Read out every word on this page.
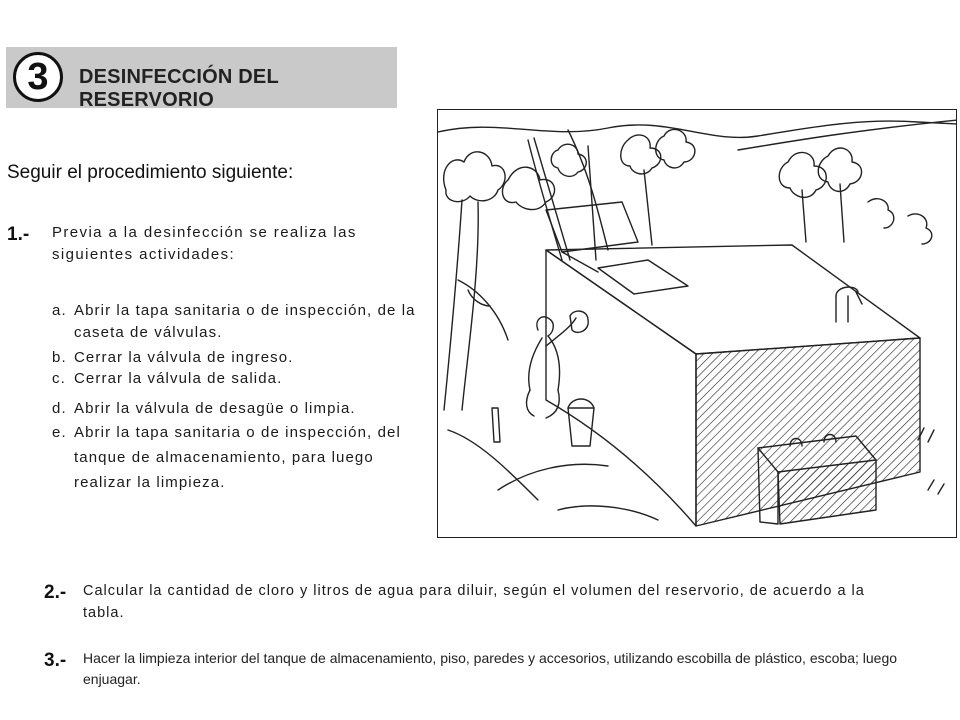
3	DESINFECCIÓN DEL RESERVORIO
Seguir el procedimiento siguiente:
1.- Previa a la desinfección se realiza las

siguientes actividades:

a. Abrir la tapa sanitaria o de inspección, de la
caseta de válvulas.
b. Cerrar la válvula de ingreso.
c. Cerrar la válvula de salida.
d. Abrir la válvula de desagüe o limpia.
e. Abrir la tapa sanitaria o de inspección, del
tanque de almacenamiento, para luego
realizar la limpieza.
2.- Calcular la cantidad de cloro y litros de agua para diluir, según el volumen del reservorio, de acuerdo a la

tabla.

3.- Hacer la limpieza interior del tanque de almacenamiento, piso, paredes y accesorios, utilizando escobilla de plástico, escoba; luego enjuagar.
